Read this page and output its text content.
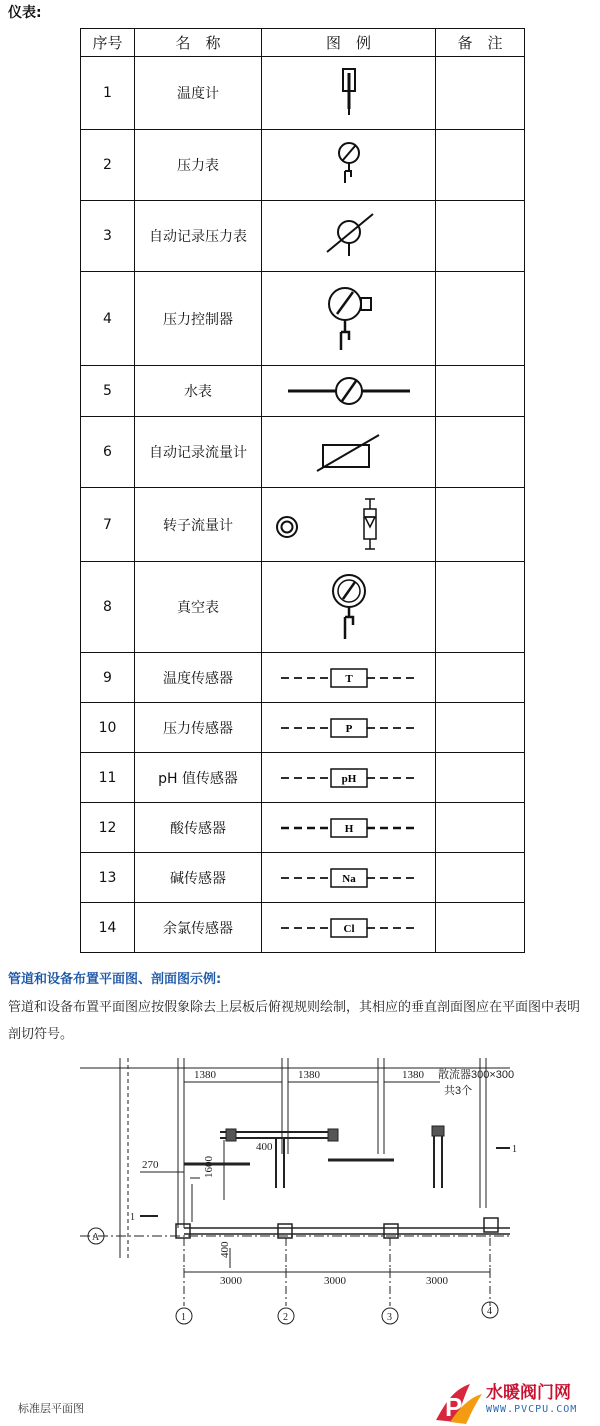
仪表:
序号	名　称	图　例	备　注
1	温度计	

2	压力表	

3	自动记录压力表	

4	压力控制器	

5	水表	

6	自动记录流量计	

7	转子流量计	

8	真空表	

9	温度传感器	T	

10	压力传感器	P	

11	pH 值传感器	pH	

12	酸传感器	H	

13	碱传感器	Na	

14	余氯传感器	Cl	

管道和设备布置平面图、剖面图示例:
管道和设备布置平面图应按假象除去上层板后俯视规则绘制，其相应的垂直剖面图应在平面图中表明剖切符号。
1380	1380	1380 散流器300×300
共3个
1600
400
270
400
3000	3000	3000
A
1	2	3
4
1
1
标准层平面图	P 水暖阀门网
WWW.PVCPU.COM
